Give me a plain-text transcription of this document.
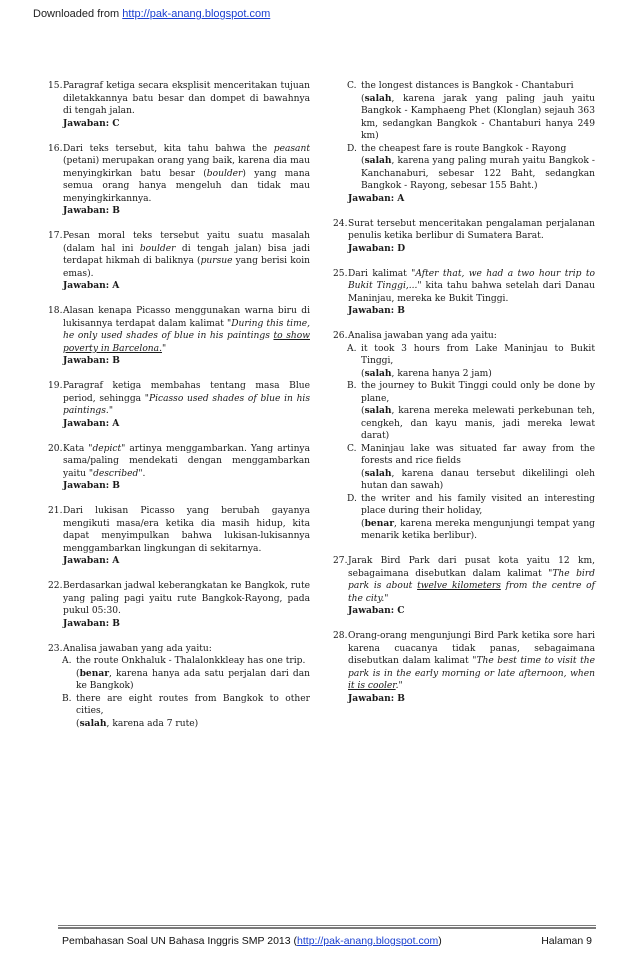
Downloaded from http://pak-anang.blogspot.com
15. Paragraf ketiga secara eksplisit menceritakan tujuan diletakkannya batu besar dan dompet di bawahnya di tengah jalan.
Jawaban: C
16. Dari teks tersebut, kita tahu bahwa the peasant (petani) merupakan orang yang baik, karena dia mau menyingkirkan batu besar (boulder) yang mana semua orang hanya mengeluh dan tidak mau menyingkirkannya.
Jawaban: B
17. Pesan moral teks tersebut yaitu suatu masalah (dalam hal ini boulder di tengah jalan) bisa jadi terdapat hikmah di baliknya (pursue yang berisi koin emas).
Jawaban: A
18. Alasan kenapa Picasso menggunakan warna biru di lukisannya terdapat dalam kalimat "During this time, he only used shades of blue in his paintings to show poverty in Barcelona."
Jawaban: B
19. Paragraf ketiga membahas tentang masa Blue period, sehingga "Picasso used shades of blue in his paintings."
Jawaban: A
20. Kata "depict" artinya menggambarkan. Yang artinya sama/paling mendekati dengan menggambarkan yaitu "described".
Jawaban: B
21. Dari lukisan Picasso yang berubah gayanya mengikuti masa/era ketika dia masih hidup, kita dapat menyimpulkan bahwa lukisan-lukisannya menggambarkan lingkungan di sekitarnya.
Jawaban: A
22. Berdasarkan jadwal keberangkatan ke Bangkok, rute yang paling pagi yaitu rute Bangkok-Rayong, pada pukul 05:30.
Jawaban: B
23. Analisa jawaban yang ada yaitu:
A. the route Onkhaluk - Thalalonkkleay has one trip.
(benar, karena hanya ada satu perjalan dari dan ke Bangkok)
B. there are eight routes from Bangkok to other cities,
(salah, karena ada 7 rute)
C. the longest distances is Bangkok - Chantaburi
(salah, karena jarak yang paling jauh yaitu Bangkok - Kamphaeng Phet (Klonglan) sejauh 363 km, sedangkan Bangkok - Chantaburi hanya 249 km)
D. the cheapest fare is route Bangkok - Rayong
(salah, karena yang paling murah yaitu Bangkok - Kanchanaburi, sebesar 122 Baht, sedangkan Bangkok - Rayong, sebesar 155 Baht.)
Jawaban: A
24. Surat tersebut menceritakan pengalaman perjalanan penulis ketika berlibur di Sumatera Barat.
Jawaban: D
25. Dari kalimat "After that, we had a two hour trip to Bukit Tinggi,..." kita tahu bahwa setelah dari Danau Maninjau, mereka ke Bukit Tinggi.
Jawaban: B
26. Analisa jawaban yang ada yaitu:
A. it took 3 hours from Lake Maninjau to Bukit Tinggi,
(salah, karena hanya 2 jam)
B. the journey to Bukit Tinggi could only be done by plane,
(salah, karena mereka melewati perkebunan teh, cengkeh, dan kayu manis, jadi mereka lewat darat)
C. Maninjau lake was situated far away from the forests and rice fields
(salah, karena danau tersebut dikelilingi oleh hutan dan sawah)
D. the writer and his family visited an interesting place during their holiday,
(benar, karena mereka mengunjungi tempat yang menarik ketika berlibur).
27. Jarak Bird Park dari pusat kota yaitu 12 km, sebagaimana disebutkan dalam kalimat "The bird park is about twelve kilometers from the centre of the city."
Jawaban: C
28. Orang-orang mengunjungi Bird Park ketika sore hari karena cuacanya tidak panas, sebagaimana disebutkan dalam kalimat "The best time to visit the park is in the early morning or late afternoon, when it is cooler."
Jawaban: B
Pembahasan Soal UN Bahasa Inggris SMP 2013 (http://pak-anang.blogspot.com)	Halaman 9
